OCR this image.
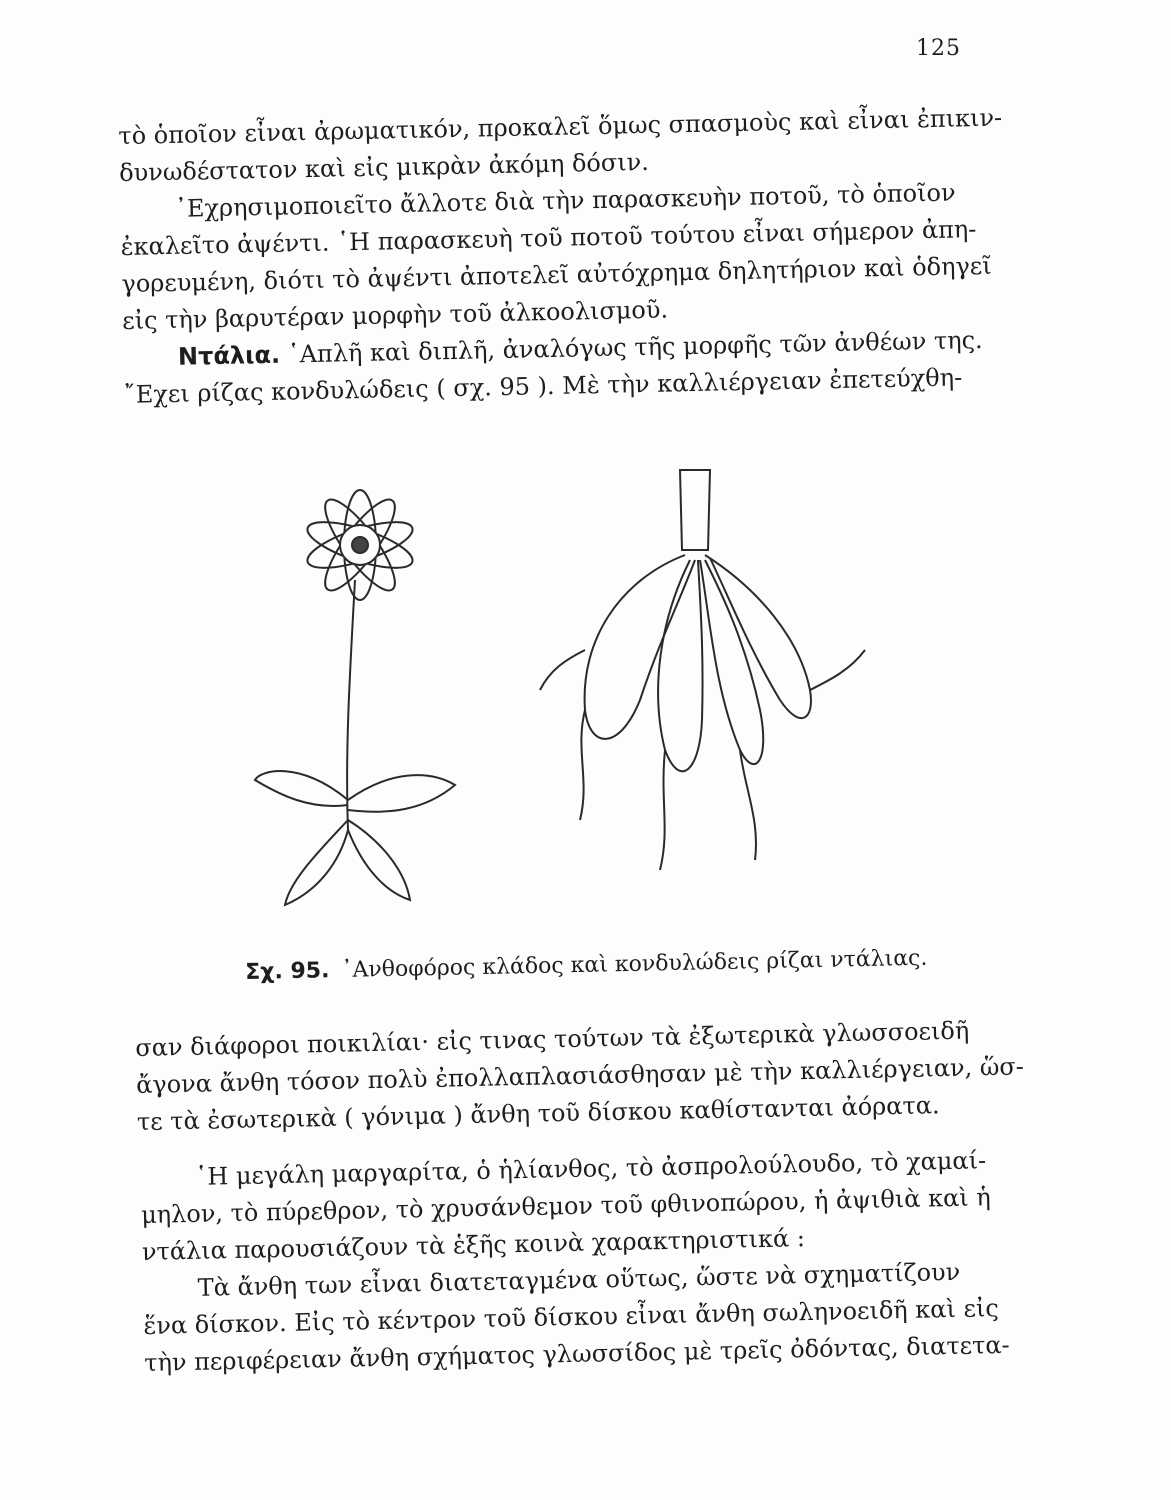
125
τὸ ὁποῖον εἶναι ἀρωματικόν, προκαλεῖ ὅμως σπασμοὺς καὶ εἶναι ἐπικιν-
δυνωδέστατον καὶ εἰς μικρὰν ἀκόμη δόσιν.
᾿Εχρησιμοποιεῖτο ἄλλοτε διὰ τὴν παρασκευὴν ποτοῦ, τὸ ὁποῖον
ἐκαλεῖτο ἀψέντι. ῾Η παρασκευὴ τοῦ ποτοῦ τούτου εἶναι σήμερον ἀπη-
γορευμένη, διότι τὸ ἀψέντι ἀποτελεῖ αὐτόχρημα δηλητήριον καὶ ὁδηγεῖ
εἰς τὴν βαρυτέραν μορφὴν τοῦ ἀλκοολισμοῦ.
Ντάλια. ῾Απλῆ καὶ διπλῆ, ἀναλόγως τῆς μορφῆς τῶν ἀνθέων της.
῎Εχει ρίζας κονδυλώδεις ( σχ. 95 ). Μὲ τὴν καλλιέργειαν ἐπετεύχθη-
Σχ. 95. ᾿Ανθοφόρος κλάδος καὶ κονδυλώδεις ρίζαι ντάλιας.
σαν διάφοροι ποικιλίαι· εἰς τινας τούτων τὰ ἐξωτερικὰ γλωσσοειδῆ
ἄγονα ἄνθη τόσον πολὺ ἐπολλαπλασιάσθησαν μὲ τὴν καλλιέργειαν, ὥσ-
τε τὰ ἐσωτερικὰ ( γόνιμα ) ἄνθη τοῦ δίσκου καθίστανται ἀόρατα.
῾Η μεγάλη μαργαρίτα, ὁ ἡλίανθος, τὸ ἀσπρολούλουδο, τὸ χαμαί-
μηλον, τὸ πύρεθρον, τὸ χρυσάνθεμον τοῦ φθινοπώρου, ἡ ἀψιθιὰ καὶ ἡ
ντάλια παρουσιάζουν τὰ ἑξῆς κοινὰ χαρακτηριστικά :
Τὰ ἄνθη των εἶναι διατεταγμένα οὕτως, ὥστε νὰ σχηματίζουν
ἕνα δίσκον. Εἰς τὸ κέντρον τοῦ δίσκου εἶναι ἄνθη σωληνοειδῆ καὶ εἰς
τὴν περιφέρειαν ἄνθη σχήματος γλωσσίδος μὲ τρεῖς ὀδόντας, διατετα-
